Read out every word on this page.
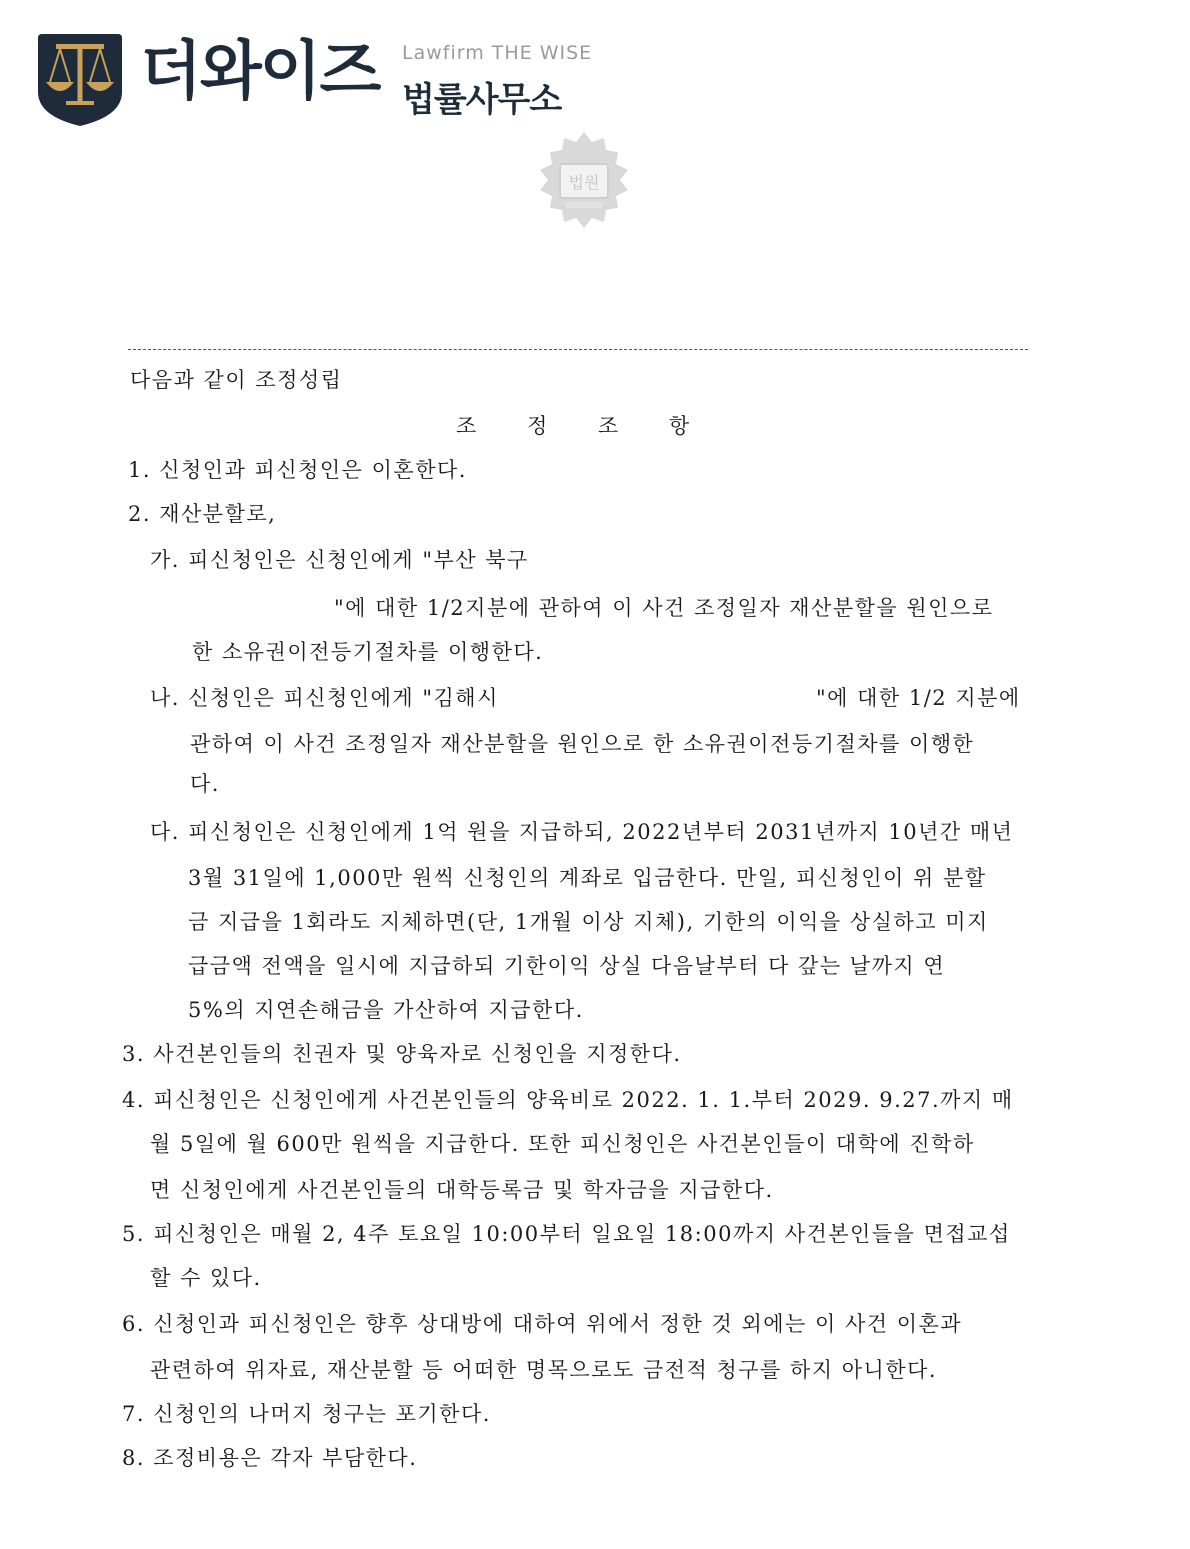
더와이즈 Lawfirm THE WISE
법률사무소
법원
다음과 같이 조정성립
조 정 조 항
1. 신청인과 피신청인은 이혼한다.
2. 재산분할로,
가. 피신청인은 신청인에게 "부산 북구
"에 대한 1/2지분에 관하여 이 사건 조정일자 재산분할을 원인으로
한 소유권이전등기절차를 이행한다.
나. 신청인은 피신청인에게 "김해시	"에 대한 1/2 지분에
관하여 이 사건 조정일자 재산분할을 원인으로 한 소유권이전등기절차를 이행한
다.
다. 피신청인은 신청인에게 1억 원을 지급하되, 2022년부터 2031년까지 10년간 매년
3월 31일에 1,000만 원씩 신청인의 계좌로 입금한다. 만일, 피신청인이 위 분할
금 지급을 1회라도 지체하면(단, 1개월 이상 지체), 기한의 이익을 상실하고 미지
급금액 전액을 일시에 지급하되 기한이익 상실 다음날부터 다 갚는 날까지 연
5%의 지연손해금을 가산하여 지급한다.
3. 사건본인들의 친권자 및 양육자로 신청인을 지정한다.
4. 피신청인은 신청인에게 사건본인들의 양육비로 2022. 1. 1.부터 2029. 9.27.까지 매
월 5일에 월 600만 원씩을 지급한다. 또한 피신청인은 사건본인들이 대학에 진학하
면 신청인에게 사건본인들의 대학등록금 및 학자금을 지급한다.
5. 피신청인은 매월 2, 4주 토요일 10:00부터 일요일 18:00까지 사건본인들을 면접교섭
할 수 있다.
6. 신청인과 피신청인은 향후 상대방에 대하여 위에서 정한 것 외에는 이 사건 이혼과
관련하여 위자료, 재산분할 등 어떠한 명목으로도 금전적 청구를 하지 아니한다.
7. 신청인의 나머지 청구는 포기한다.
8. 조정비용은 각자 부담한다.
